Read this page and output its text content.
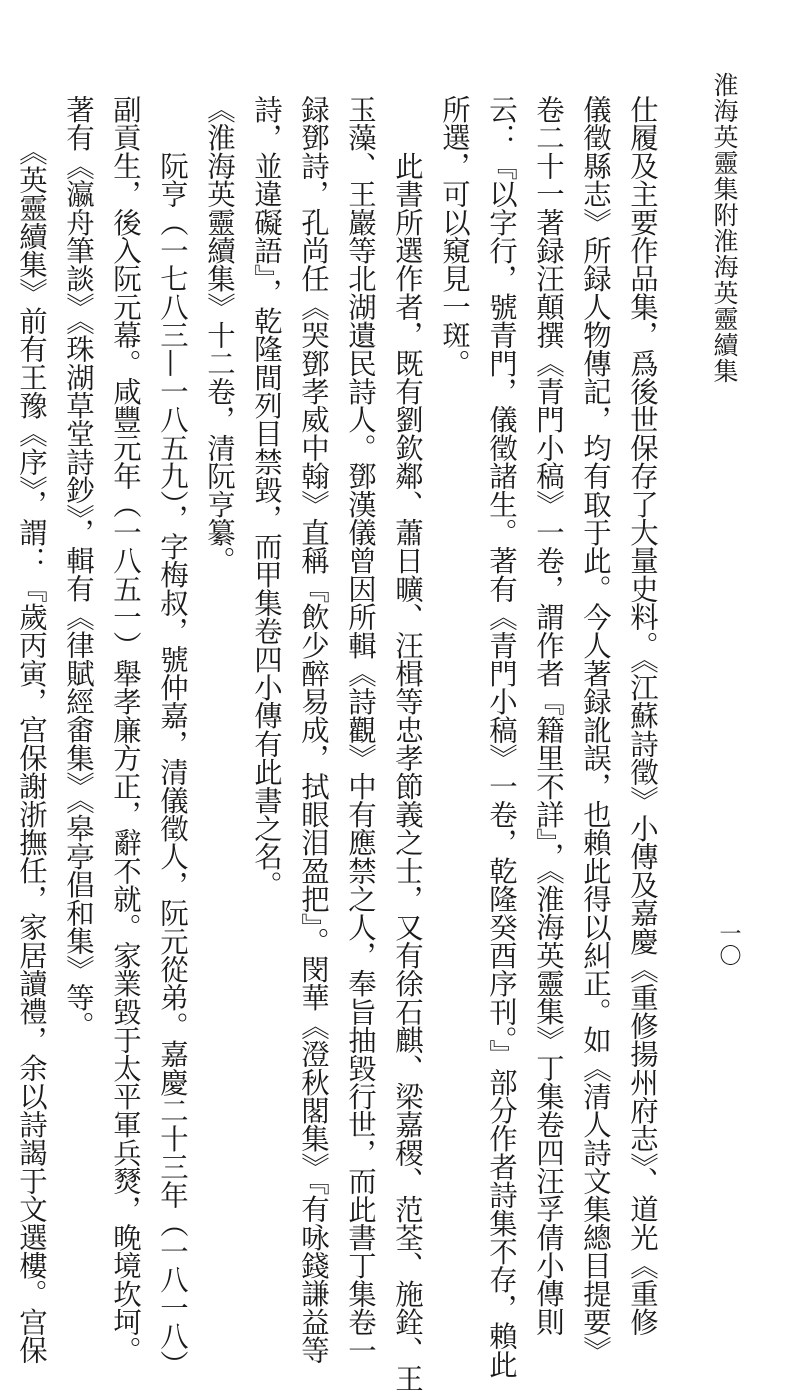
淮海英靈集附淮海英靈續集
一〇

仕履及主要作品集，爲後世保存了大量史料。《江蘇詩徵》小傳及嘉慶《重修揚州府志》、道光《重修

儀徵縣志》所録人物傳記，均有取于此。今人著録訛誤，也賴此得以糾正。如《清人詩文集總目提要》

卷二十一著録汪顛撰《青門小稿》一卷，謂作者『籍里不詳』，《淮海英靈集》丁集卷四汪孚倩小傳則

云：『以字行，號青門，儀徵諸生。著有《青門小稿》一卷，乾隆癸酉序刊。』部分作者詩集不存，賴此

所選，可以窺見一斑。

　　此書所選作者，既有劉欽鄰、蕭日曠、汪楫等忠孝節義之士，又有徐石麒、梁嘉稷、范荃、施銓、王

玉藻、王巖等北湖遺民詩人。鄧漢儀曾因所輯《詩觀》中有應禁之人，奉旨抽毀行世，而此書丁集卷一

録鄧詩，孔尚任《哭鄧孝威中翰》直稱『飲少醉易成，拭眼泪盈把』。閔華《澄秋閣集》『有咏錢謙益等

詩，並違礙語』，乾隆間列目禁毀，而甲集卷四小傳有此書之名。

《淮海英靈續集》十二卷，清阮亨纂。

　　阮亨（一七八三—一八五九），字梅叔，號仲嘉，清儀徵人，阮元從弟。嘉慶二十三年（一八一八）

副貢生，後入阮元幕。咸豐元年（一八五一）舉孝廉方正，辭不就。家業毀于太平軍兵燹，晚境坎坷。

著有《瀛舟筆談》《珠湖草堂詩鈔》，輯有《律賦經畬集》《皋亭倡和集》等。

　　《英靈續集》前有王豫《序》，謂：『歲丙寅，宫保謝浙撫任，家居讀禮，余以詩謁于文選樓。宫保
